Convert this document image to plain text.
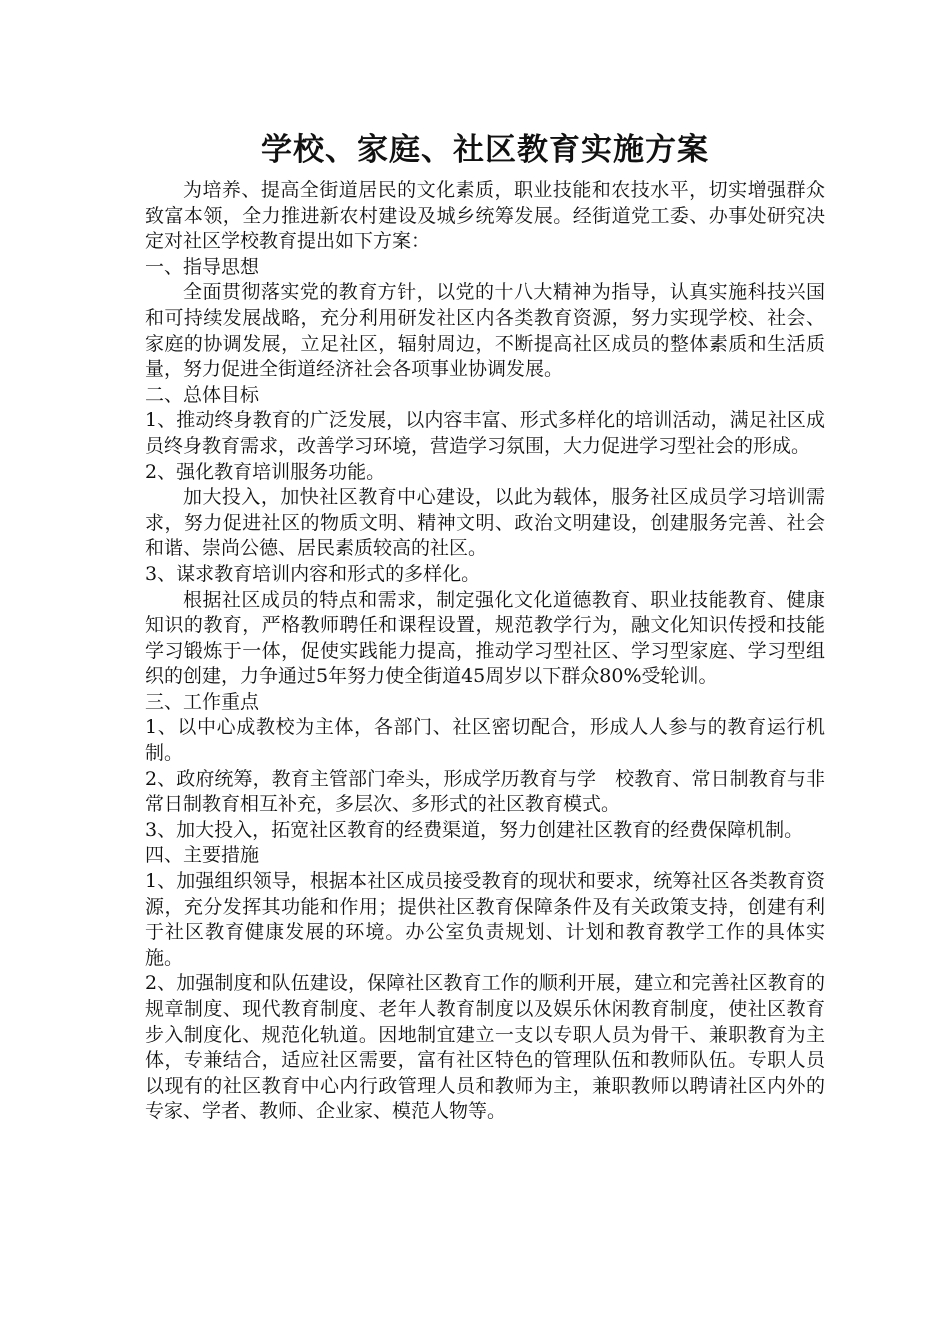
学校、家庭、社区教育实施方案

为培养、提高全街道居民的文化素质，职业技能和农技水平，切实增强群众致富本领，全力推进新农村建设及城乡统筹发展。经街道党工委、办事处研究决定对社区学校教育提出如下方案：

一、指导思想

全面贯彻落实党的教育方针，以党的十八大精神为指导，认真实施科技兴国和可持续发展战略，充分利用研发社区内各类教育资源，努力实现学校、社会、家庭的协调发展，立足社区，辐射周边，不断提高社区成员的整体素质和生活质量，努力促进全街道经济社会各项事业协调发展。

二、总体目标

1、推动终身教育的广泛发展，以内容丰富、形式多样化的培训活动，满足社区成员终身教育需求，改善学习环境，营造学习氛围，大力促进学习型社会的形成。

2、强化教育培训服务功能。

加大投入，加快社区教育中心建设，以此为载体，服务社区成员学习培训需求，努力促进社区的物质文明、精神文明、政治文明建设，创建服务完善、社会和谐、崇尚公德、居民素质较高的社区。

3、谋求教育培训内容和形式的多样化。

根据社区成员的特点和需求，制定强化文化道德教育、职业技能教育、健康知识的教育，严格教师聘任和课程设置，规范教学行为，融文化知识传授和技能学习锻炼于一体，促使实践能力提高，推动学习型社区、学习型家庭、学习型组织的创建，力争通过5年努力使全街道45周岁以下群众80%受轮训。

三、工作重点

1、以中心成教校为主体，各部门、社区密切配合，形成人人参与的教育运行机制。

2、政府统筹，教育主管部门牵头，形成学历教育与学　校教育、常日制教育与非常日制教育相互补充，多层次、多形式的社区教育模式。

3、加大投入，拓宽社区教育的经费渠道，努力创建社区教育的经费保障机制。

四、主要措施

1、加强组织领导，根据本社区成员接受教育的现状和要求，统筹社区各类教育资源，充分发挥其功能和作用；提供社区教育保障条件及有关政策支持，创建有利于社区教育健康发展的环境。办公室负责规划、计划和教育教学工作的具体实施。

2、加强制度和队伍建设，保障社区教育工作的顺利开展，建立和完善社区教育的规章制度、现代教育制度、老年人教育制度以及娱乐休闲教育制度，使社区教育步入制度化、规范化轨道。因地制宜建立一支以专职人员为骨干、兼职教育为主体，专兼结合，适应社区需要，富有社区特色的管理队伍和教师队伍。专职人员以现有的社区教育中心内行政管理人员和教师为主，兼职教师以聘请社区内外的专家、学者、教师、企业家、模范人物等。
